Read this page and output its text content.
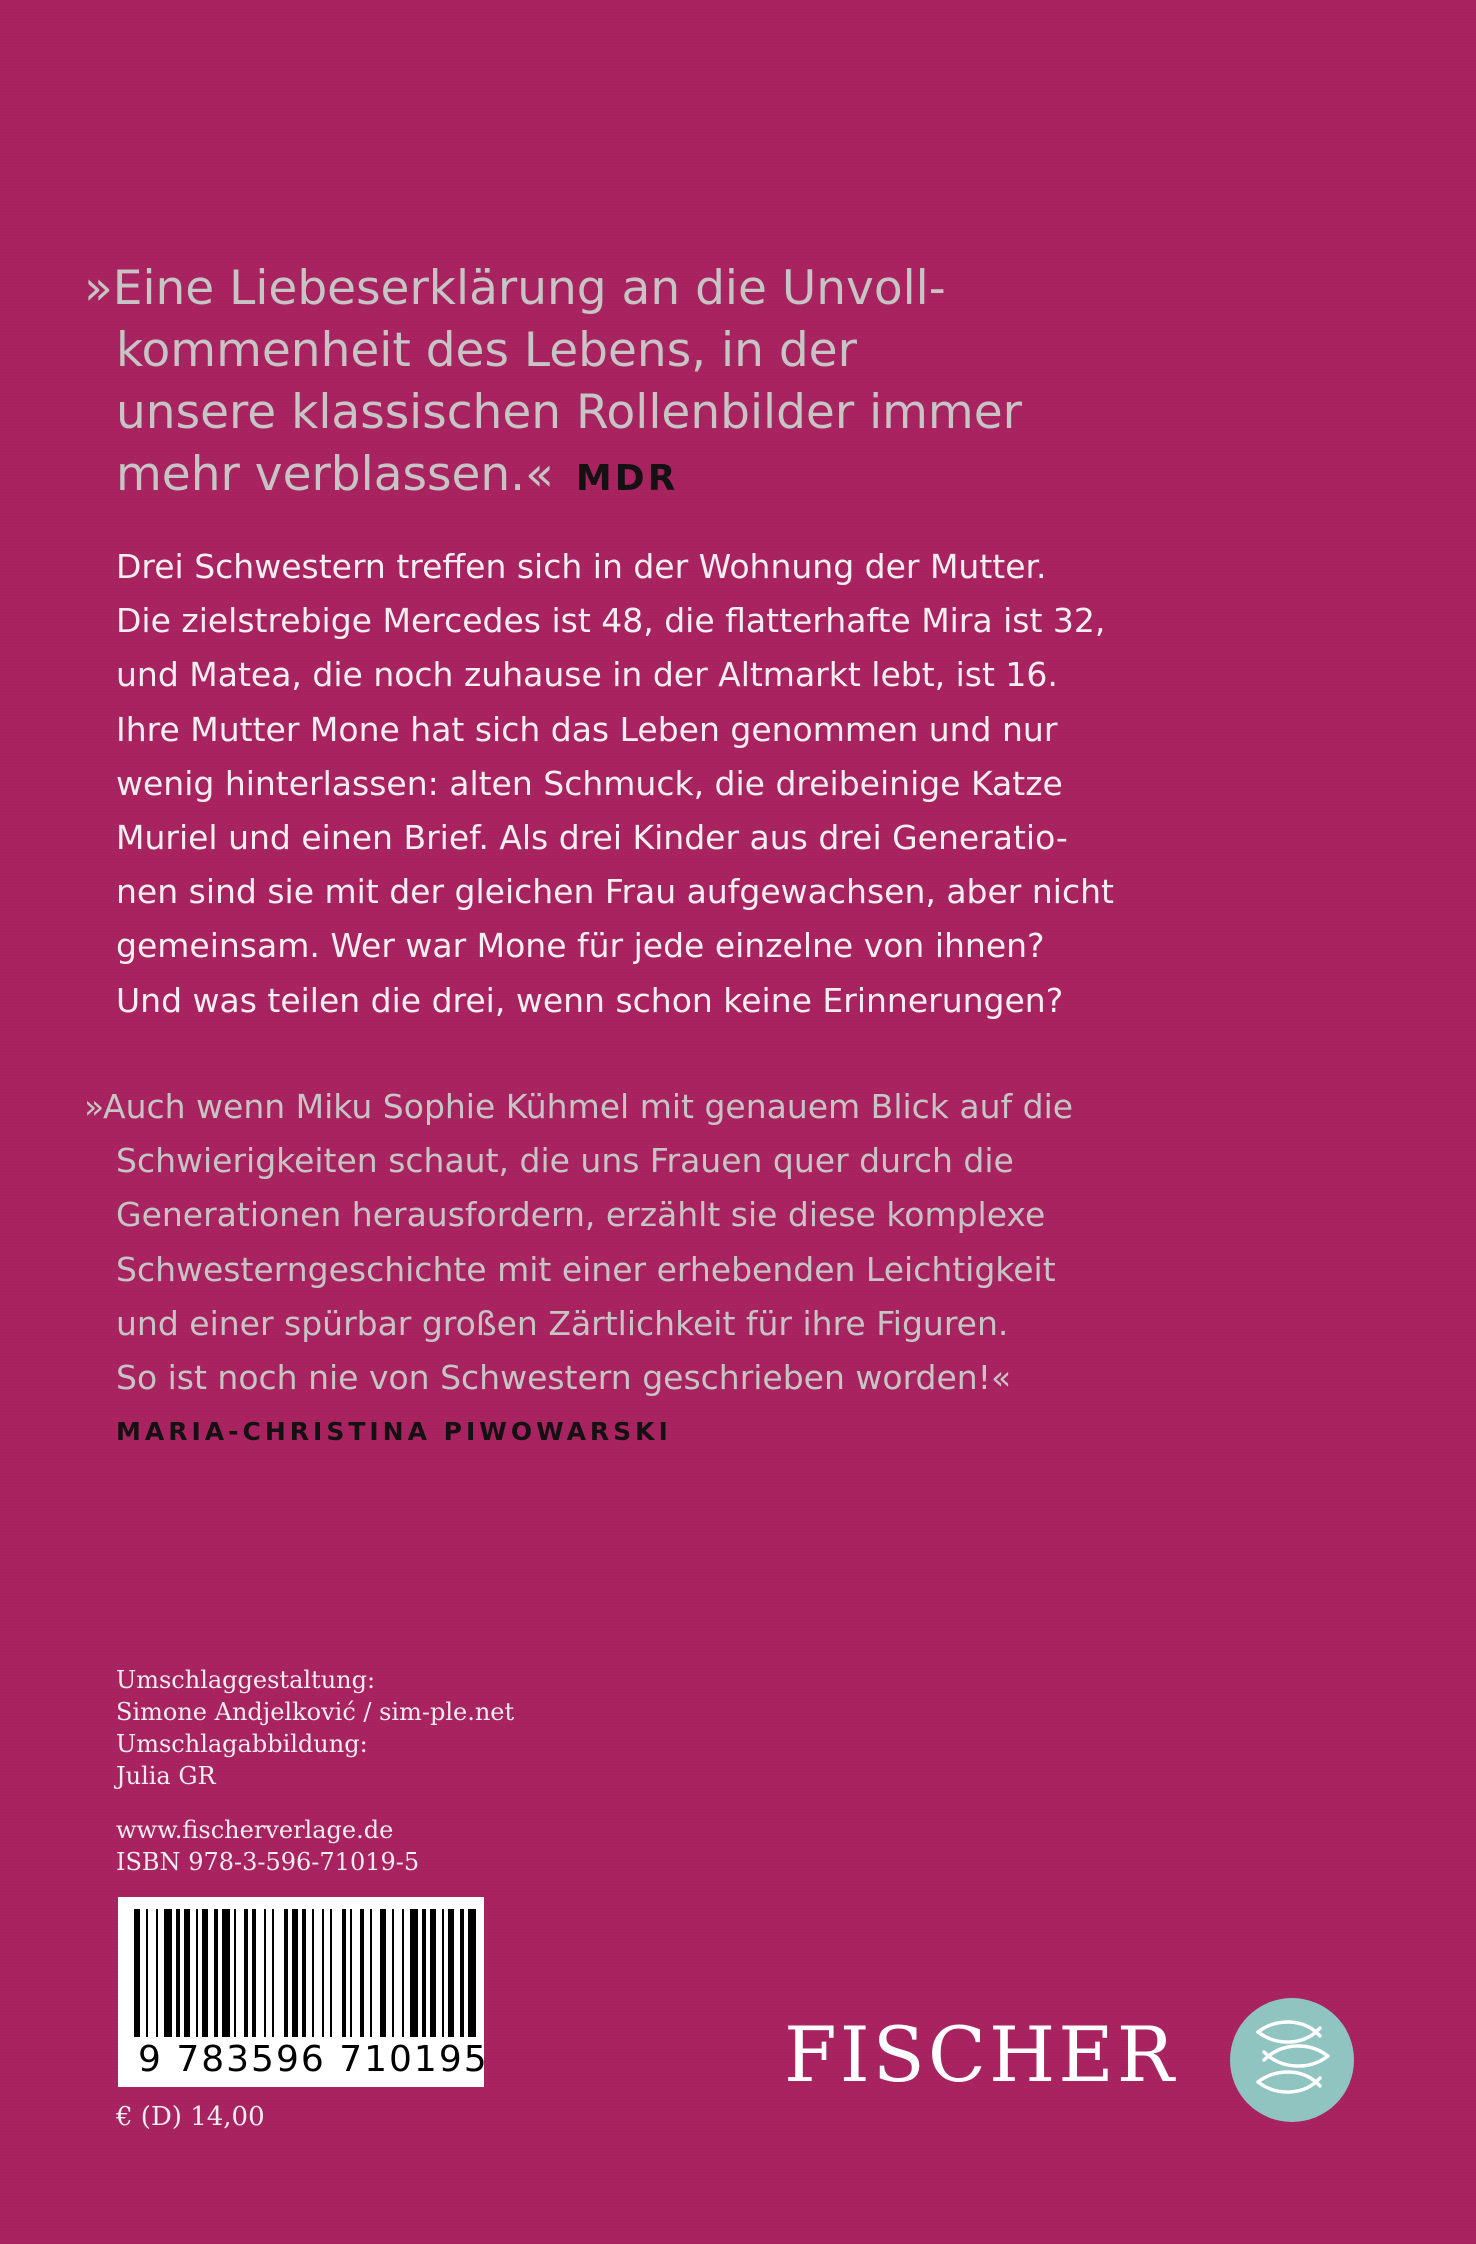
»Eine Liebeserklärung an die Unvoll-
kommenheit des Lebens, in der
unsere klassischen Rollenbilder immer
mehr verblassen.« MDR
Drei Schwestern treffen sich in der Wohnung der Mutter.
Die zielstrebige Mercedes ist 48, die flatterhafte Mira ist 32,
und Matea, die noch zuhause in der Altmarkt lebt, ist 16.
Ihre Mutter Mone hat sich das Leben genommen und nur
wenig hinterlassen: alten Schmuck, die dreibeinige Katze
Muriel und einen Brief. Als drei Kinder aus drei Generatio-
nen sind sie mit der gleichen Frau aufgewachsen, aber nicht
gemeinsam. Wer war Mone für jede einzelne von ihnen?
Und was teilen die drei, wenn schon keine Erinnerungen?
»Auch wenn Miku Sophie Kühmel mit genauem Blick auf die
Schwierigkeiten schaut, die uns Frauen quer durch die
Generationen herausfordern, erzählt sie diese komplexe
Schwesterngeschichte mit einer erhebenden Leichtigkeit
und einer spürbar großen Zärtlichkeit für ihre Figuren.
So ist noch nie von Schwestern geschrieben worden!«
MARIA-CHRISTINA PIWOWARSKI
Umschlaggestaltung:
Simone Andjelković / sim-ple.net
Umschlagabbildung:
Julia GR
www.fischerverlage.de
ISBN 978-3-596-71019-5
9 783596 710195
€ (D) 14,00
FISCHER
